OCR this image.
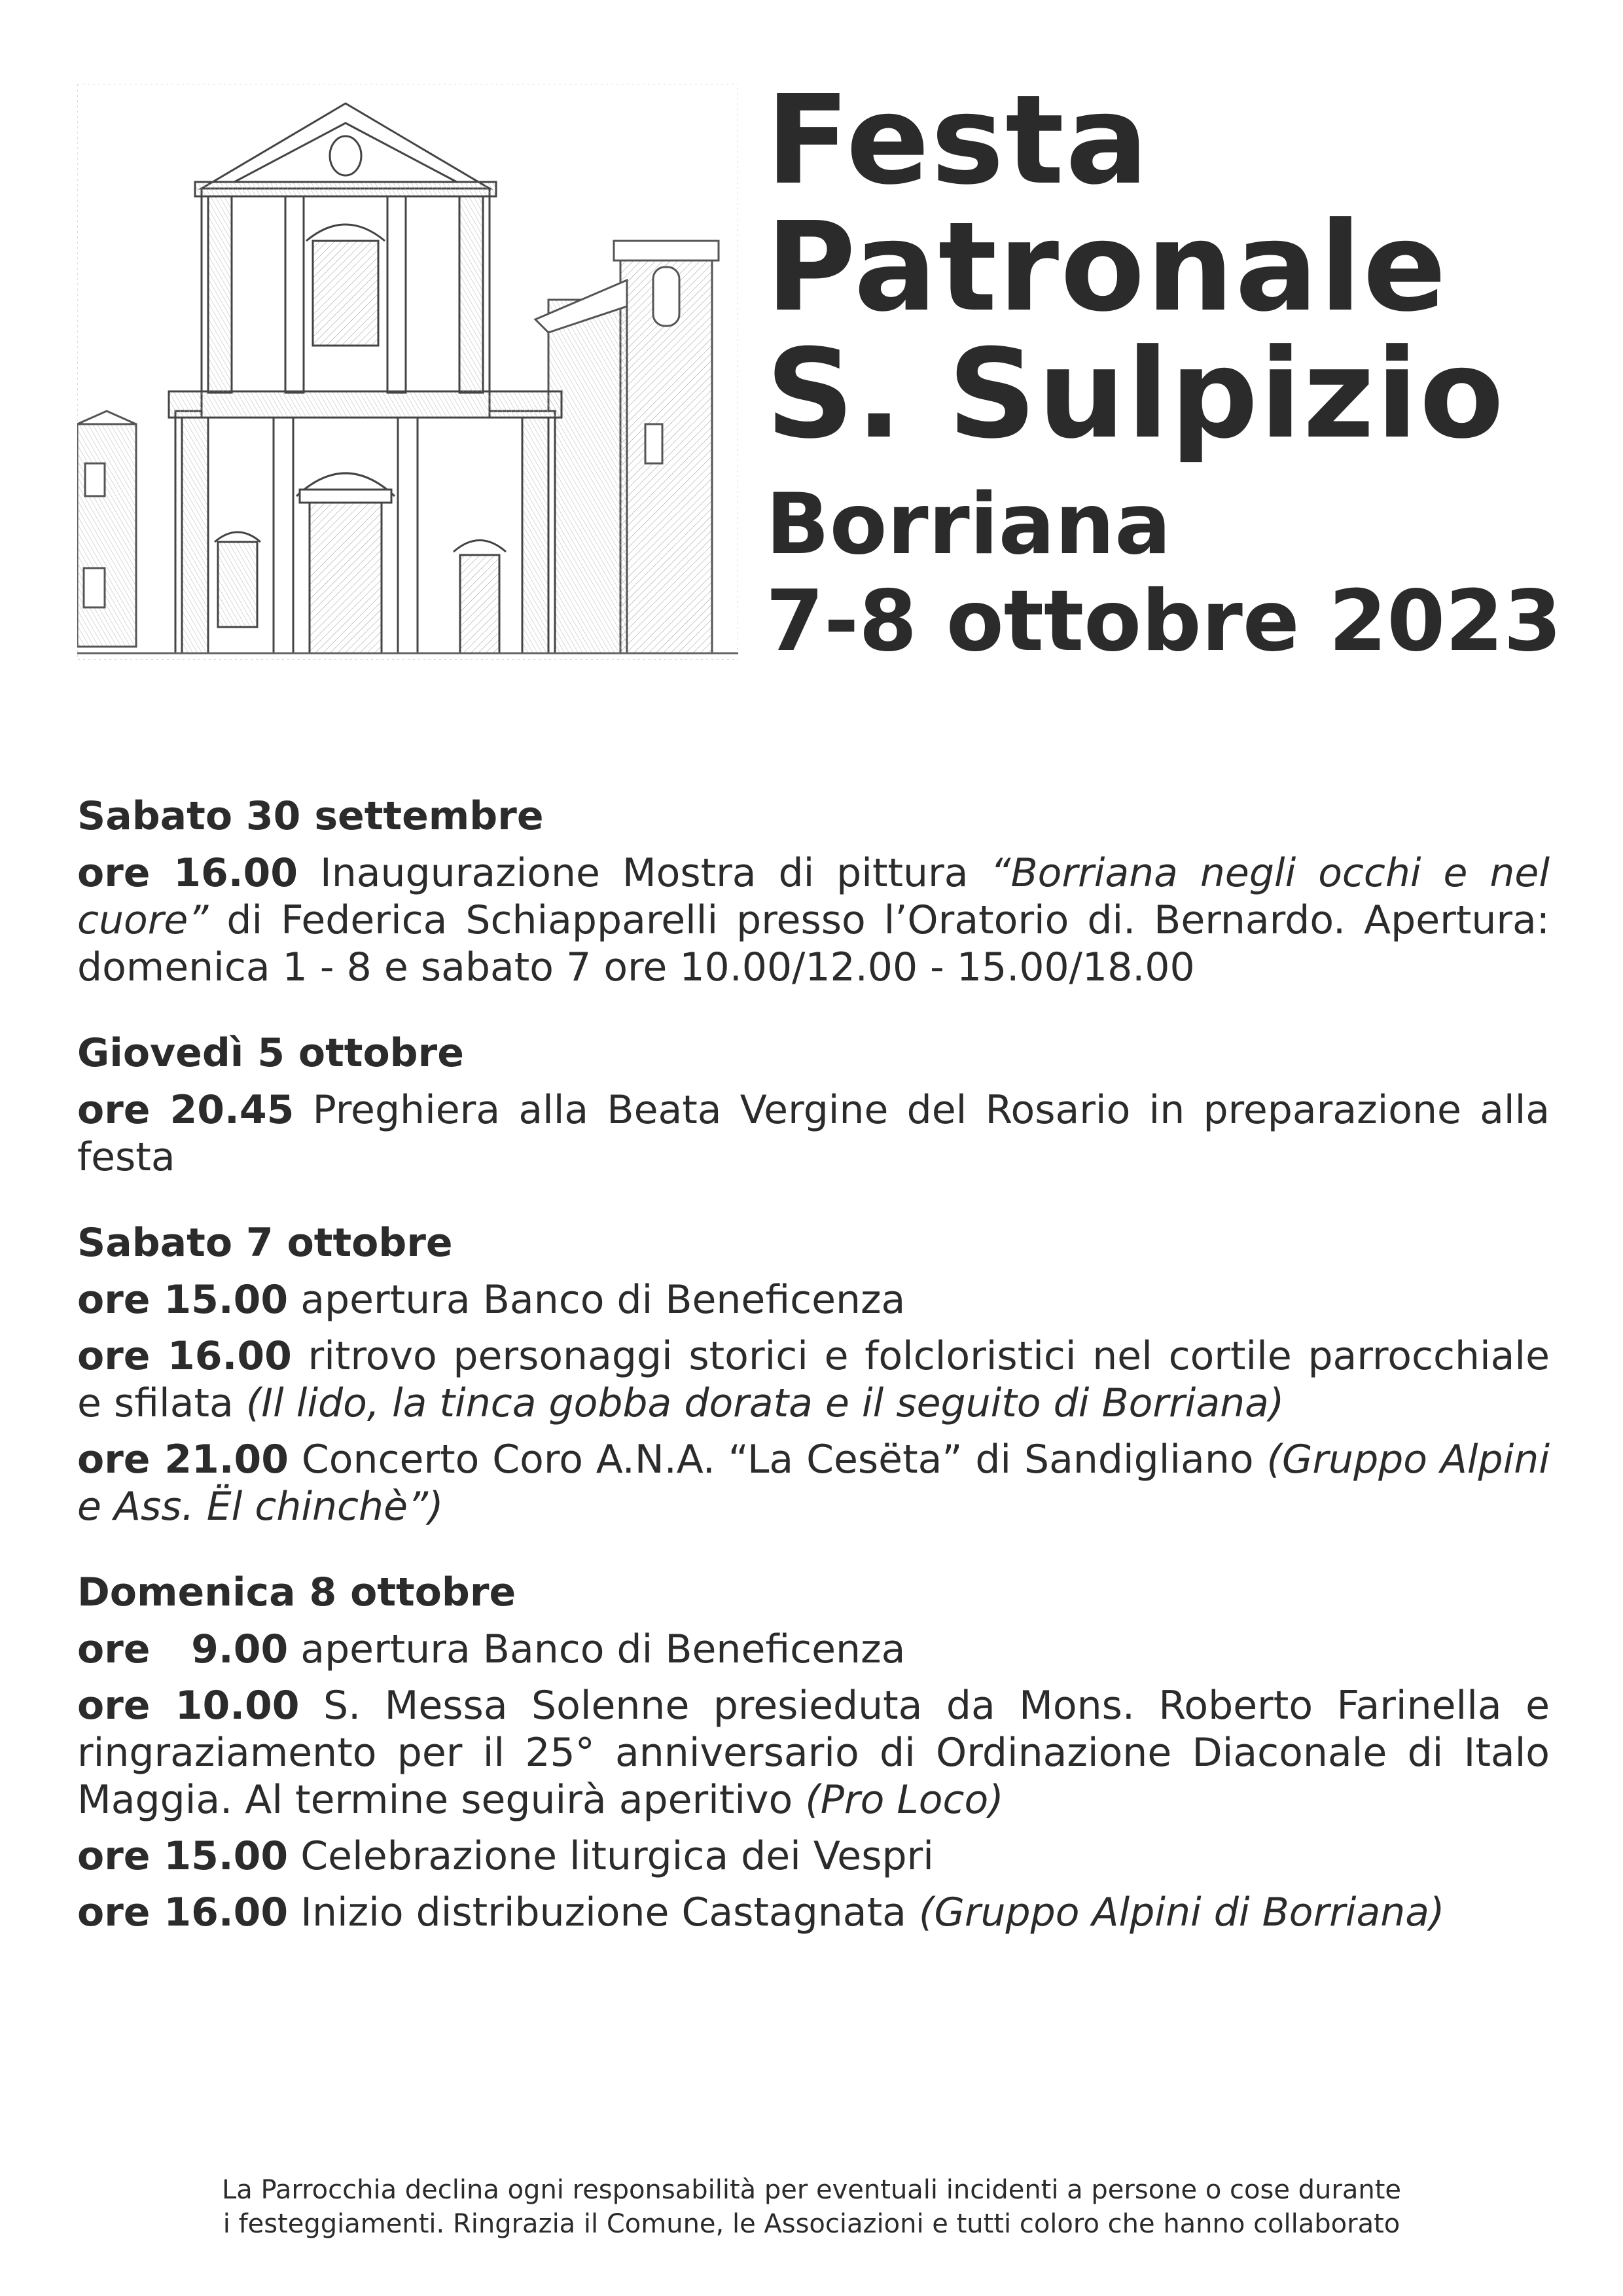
Festa
Patronale
S. Sulpizio
Borriana
7-8 ottobre 2023
Sabato 30 settembre
ore 16.00 Inaugurazione Mostra di pittura “Borriana negli occhi e nel cuore” di Federica Schiapparelli presso l’Oratorio di. Bernardo. Apertura: domenica 1 - 8 e sabato 7 ore 10.00/12.00 - 15.00/18.00
Giovedì 5 ottobre
ore 20.45 Preghiera alla Beata Vergine del Rosario in preparazione alla festa
Sabato 7 ottobre
ore 15.00 apertura Banco di Beneficenza
ore 16.00 ritrovo personaggi storici e folcloristici nel cortile parrocchiale e sfilata (Il lido, la tinca gobba dorata e il seguito di Borriana)
ore 21.00 Concerto Coro A.N.A. “La Cesëta” di Sandigliano (Gruppo Alpini e Ass. Ël chinchè”)
Domenica 8 ottobre
ore   9.00 apertura Banco di Beneficenza
ore 10.00 S. Messa Solenne presieduta da Mons. Roberto Farinella e ringraziamento per il 25° anniversario di Ordinazione Diaconale di Italo Maggia. Al termine seguirà aperitivo (Pro Loco)
ore 15.00 Celebrazione liturgica dei Vespri
ore 16.00 Inizio distribuzione Castagnata (Gruppo Alpini di Borriana)
La Parrocchia declina ogni responsabilità per eventuali incidenti a persone o cose durante
i festeggiamenti. Ringrazia il Comune, le Associazioni e tutti coloro che hanno collaborato
